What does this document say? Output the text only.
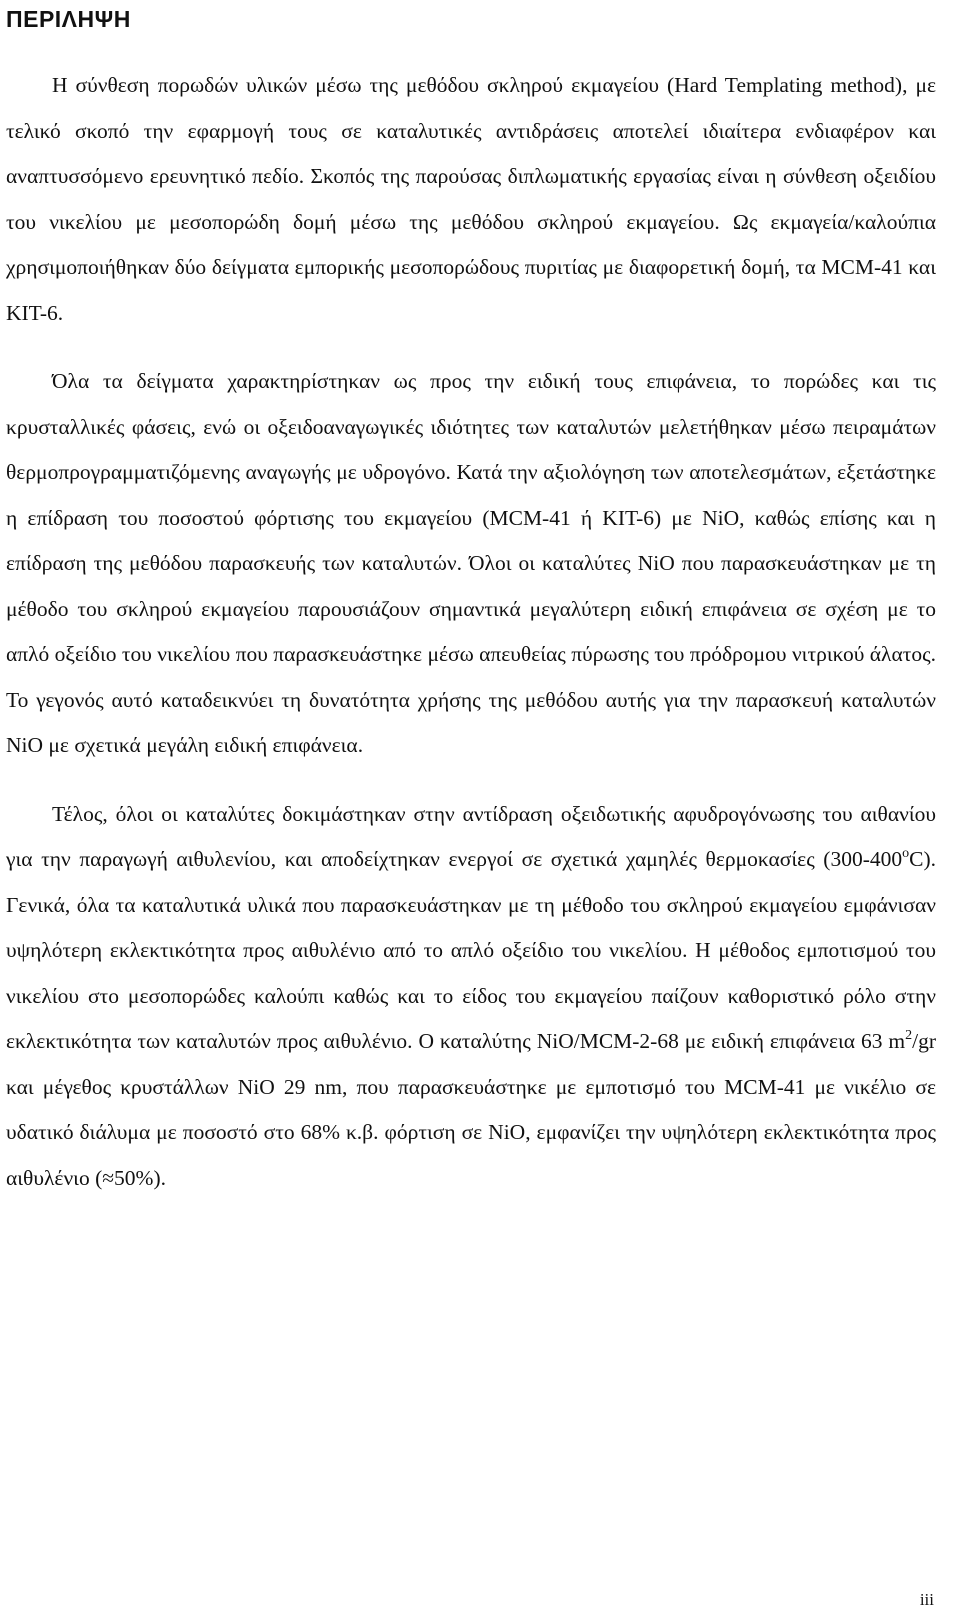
ΠΕΡΙΛΗΨΗ

Η σύνθεση πορωδών υλικών μέσω της μεθόδου σκληρού εκμαγείου (Hard Templating method), με τελικό σκοπό την εφαρμογή τους σε καταλυτικές αντιδράσεις αποτελεί ιδιαίτερα ενδιαφέρον και αναπτυσσόμενο ερευνητικό πεδίο. Σκοπός της παρούσας διπλωματικής εργασίας είναι η σύνθεση οξειδίου του νικελίου με μεσοπορώδη δομή μέσω της μεθόδου σκληρού εκμαγείου. Ως εκμαγεία/καλούπια χρησιμοποιήθηκαν δύο δείγματα εμπορικής μεσοπορώδους πυριτίας με διαφορετική δομή, τα MCM-41 και KIT-6.

Όλα τα δείγματα χαρακτηρίστηκαν ως προς την ειδική τους επιφάνεια, το πορώδες και τις κρυσταλλικές φάσεις, ενώ οι οξειδοαναγωγικές ιδιότητες των καταλυτών μελετήθηκαν μέσω πειραμάτων θερμοπρογραμματιζόμενης αναγωγής με υδρογόνο. Κατά την αξιολόγηση των αποτελεσμάτων, εξετάστηκε η επίδραση του ποσοστού φόρτισης του εκμαγείου (MCM-41 ή KIT-6) με NiO, καθώς επίσης και η επίδραση της μεθόδου παρασκευής των καταλυτών. Όλοι οι καταλύτες NiO που παρασκευάστηκαν με τη μέθοδο του σκληρού εκμαγείου παρουσιάζουν σημαντικά μεγαλύτερη ειδική επιφάνεια σε σχέση με το απλό οξείδιο του νικελίου που παρασκευάστηκε μέσω απευθείας πύρωσης του πρόδρομου νιτρικού άλατος. Το γεγονός αυτό καταδεικνύει τη δυνατότητα χρήσης της μεθόδου αυτής για την παρασκευή καταλυτών NiO με σχετικά μεγάλη ειδική επιφάνεια.

Τέλος, όλοι οι καταλύτες δοκιμάστηκαν στην αντίδραση οξειδωτικής αφυδρογόνωσης του αιθανίου για την παραγωγή αιθυλενίου, και αποδείχτηκαν ενεργοί σε σχετικά χαμηλές θερμοκασίες (300-400$^o$C). Γενικά, όλα τα καταλυτικά υλικά που παρασκευάστηκαν με τη μέθοδο του σκληρού εκμαγείου εμφάνισαν υψηλότερη εκλεκτικότητα προς αιθυλένιο από το απλό οξείδιο του νικελίου. Η μέθοδος εμποτισμού του νικελίου στο μεσοπορώδες καλούπι καθώς και το είδος του εκμαγείου παίζουν καθοριστικό ρόλο στην εκλεκτικότητα των καταλυτών προς αιθυλένιο. Ο καταλύτης NiO/MCM-2-68 με ειδική επιφάνεια 63 $m^2/gr$ και μέγεθος κρυστάλλων NiO 29 nm, που παρασκευάστηκε με εμποτισμό του MCM-41 με νικέλιο σε υδατικό διάλυμα με ποσοστό στο 68% κ.β. φόρτιση σε NiO, εμφανίζει την υψηλότερη εκλεκτικότητα προς αιθυλένιο (≈50%).

iii
